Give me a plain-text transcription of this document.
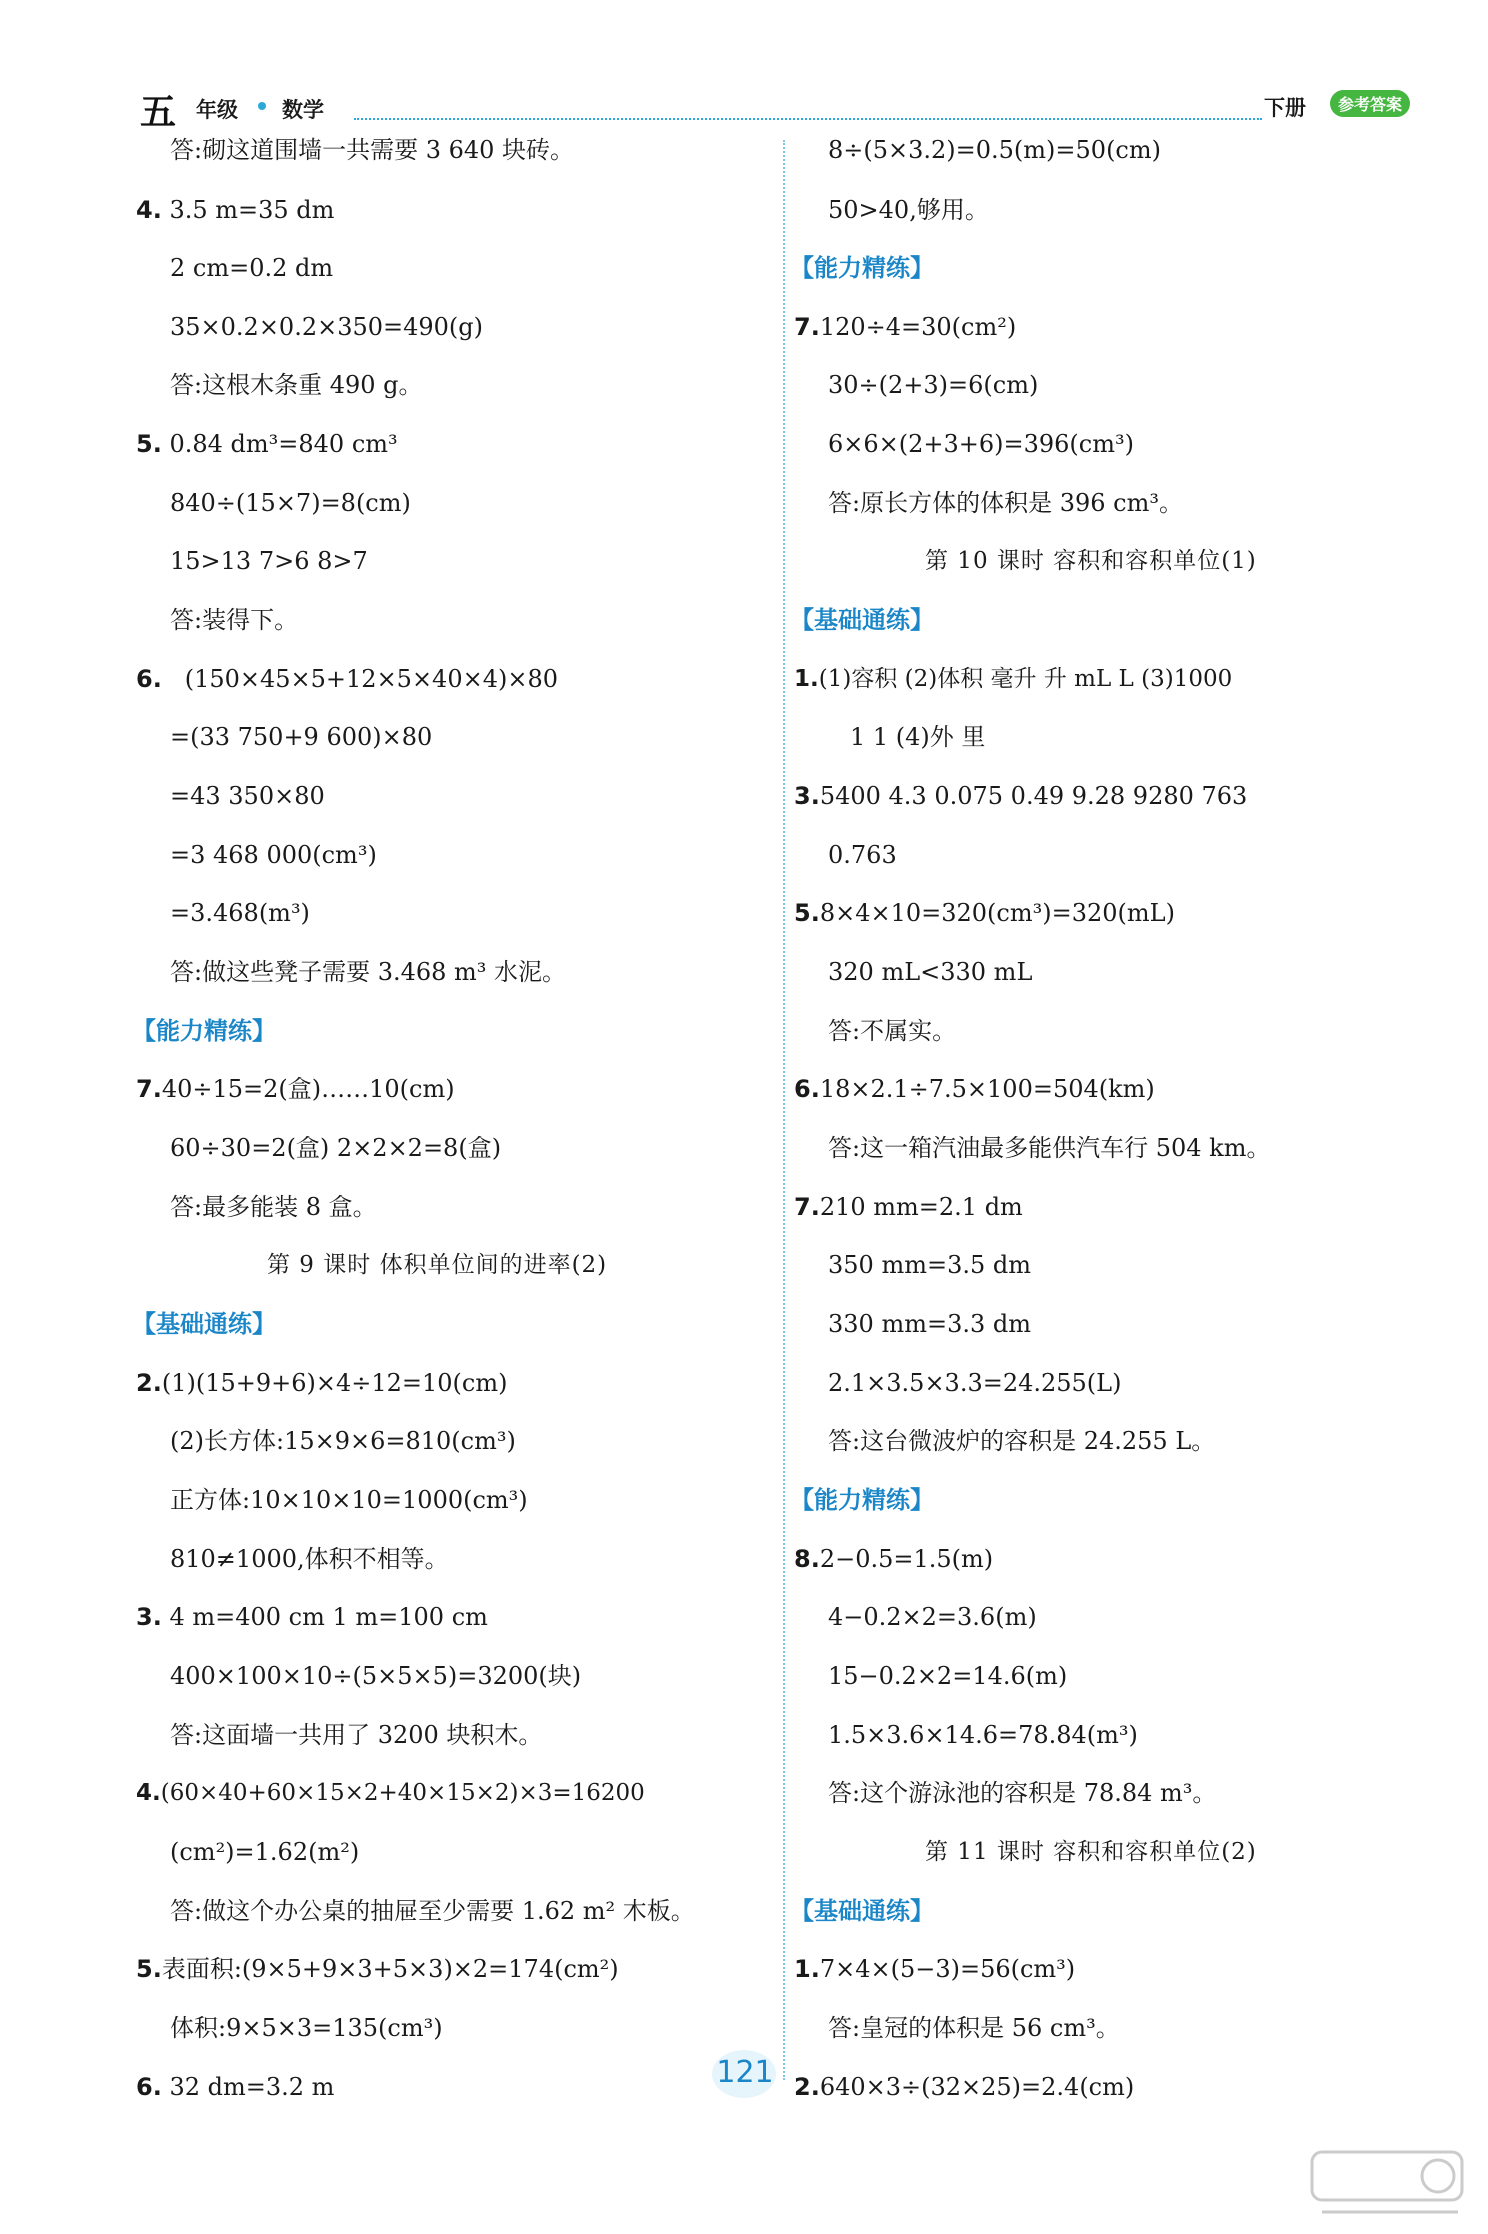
五 年级 数学	下册	参考答案
答:砌这道围墙一共需要 3 640 块砖。
4. 3.5 m=35 dm
2 cm=0.2 dm
35×0.2×0.2×350=490(g)
答:这根木条重 490 g。
5. 0.84 dm³=840 cm³
840÷(15×7)=8(cm)
15>13 7>6 8>7
答:装得下。
6. (150×45×5+12×5×40×4)×80
=(33 750+9 600)×80
=43 350×80
=3 468 000(cm³)
=3.468(m³)
答:做这些凳子需要 3.468 m³ 水泥。
【能力精练】
7.40÷15=2(盒)……10(cm)
60÷30=2(盒) 2×2×2=8(盒)
答:最多能装 8 盒。
第 9 课时 体积单位间的进率(2)
【基础通练】
2.(1)(15+9+6)×4÷12=10(cm)
(2)长方体:15×9×6=810(cm³)
正方体:10×10×10=1000(cm³)
810≠1000,体积不相等。
3. 4 m=400 cm 1 m=100 cm
400×100×10÷(5×5×5)=3200(块)
答:这面墙一共用了 3200 块积木。
4.(60×40+60×15×2+40×15×2)×3=16200
(cm²)=1.62(m²)
答:做这个办公桌的抽屉至少需要 1.62 m² 木板。
5.表面积:(9×5+9×3+5×3)×2=174(cm²)
体积:9×5×3=135(cm³)
6. 32 dm=3.2 m
8÷(5×3.2)=0.5(m)=50(cm)
50>40,够用。
【能力精练】
7.120÷4=30(cm²)
30÷(2+3)=6(cm)
6×6×(2+3+6)=396(cm³)
答:原长方体的体积是 396 cm³。
第 10 课时 容积和容积单位(1)
【基础通练】
1.(1)容积 (2)体积 毫升 升 mL L (3)1000
1 1 (4)外 里
3.5400 4.3 0.075 0.49 9.28 9280 763
0.763
5.8×4×10=320(cm³)=320(mL)
320 mL<330 mL
答:不属实。
6.18×2.1÷7.5×100=504(km)
答:这一箱汽油最多能供汽车行 504 km。
7.210 mm=2.1 dm
350 mm=3.5 dm
330 mm=3.3 dm
2.1×3.5×3.3=24.255(L)
答:这台微波炉的容积是 24.255 L。
【能力精练】
8.2−0.5=1.5(m)
4−0.2×2=3.6(m)
15−0.2×2=14.6(m)
1.5×3.6×14.6=78.84(m³)
答:这个游泳池的容积是 78.84 m³。
第 11 课时 容积和容积单位(2)
【基础通练】
1.7×4×(5−3)=56(cm³)
答:皇冠的体积是 56 cm³。
2.640×3÷(32×25)=2.4(cm)
121
